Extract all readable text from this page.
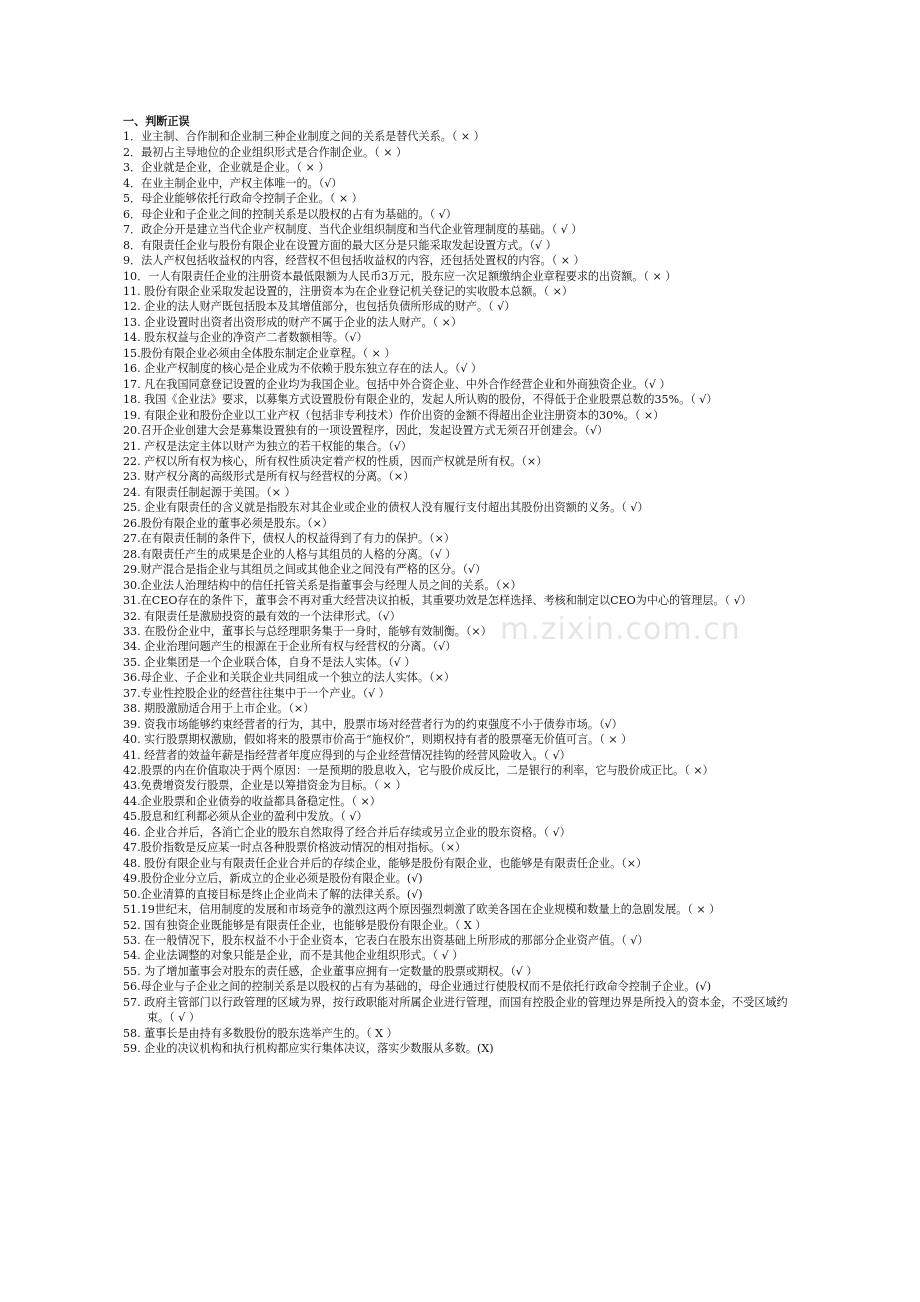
一、判断正误
1．业主制、合作制和企业制三种企业制度之间的关系是替代关系。（ × ）
2．最初占主导地位的企业组织形式是合作制企业。（ × ）
3．企业就是企业，企业就是企业。（ × ）
4．在业主制企业中，产权主体唯一的。（√）
5．母企业能够依托行政命令控制子企业。（ × ）
6．母企业和子企业之间的控制关系是以股权的占有为基础的。（ √）
7．政企分开是建立当代企业产权制度、当代企业组织制度和当代企业管理制度的基础。（ √ ）
8．有限责任企业与股份有限企业在设置方面的最大区分是只能采取发起设置方式。（√ ）
9．法人产权包括收益权的内容，经营权不但包括收益权的内容，还包括处置权的内容。（ × ）
10．一人有限责任企业的注册资本最低限额为人民币3万元，股东应一次足额缴纳企业章程要求的出资额。（ × ）
11. 股份有限企业采取发起设置的，注册资本为在企业登记机关登记的实收股本总额。（ ×）
12. 企业的法人财产既包括股本及其增值部分，也包括负债所形成的财产。（ √）
13. 企业设置时出资者出资形成的财产不属于企业的法人财产。（ ×）
14. 股东权益与企业的净资产二者数额相等。（√）
15.股份有限企业必须由全体股东制定企业章程。（ × ）
16. 企业产权制度的核心是企业成为不依赖于股东独立存在的法人。（√ ）
17. 凡在我国同意登记设置的企业均为我国企业。包括中外合资企业、中外合作经营企业和外商独资企业。（√ ）
18. 我国《企业法》要求，以募集方式设置股份有限企业的，发起人所认购的股份，不得低于企业股票总数的35%。（ √）
19. 有限企业和股份企业以工业产权（包括非专利技术）作价出资的金额不得超出企业注册资本的30%。（ ×）
20.召开企业创建大会是募集设置独有的一项设置程序，因此，发起设置方式无须召开创建会。（√）
21. 产权是法定主体以财产为独立的若干权能的集合。（√）
22. 产权以所有权为核心，所有权性质决定着产权的性质，因而产权就是所有权。（×）
23. 财产权分离的高级形式是所有权与经营权的分离。（×）
24. 有限责任制起源于美国。（× ）
25. 企业有限责任的含义就是指股东对其企业或企业的债权人没有履行支付超出其股份出资额的义务。（ √）
26.股份有限企业的董事必须是股东。（×）
27.在有限责任制的条件下，债权人的权益得到了有力的保护。（×）
28.有限责任产生的成果是企业的人格与其组员的人格的分离。（√ ）
29.财产混合是指企业与其组员之间或其他企业之间没有严格的区分。（√）
30.企业法人治理结构中的信任托管关系是指董事会与经理人员之间的关系。（×）
31.在CEO存在的条件下，董事会不再对重大经营决议拍板，其重要功效是怎样选择、考核和制定以CEO为中心的管理层。（ √）
32. 有限责任是激励投资的最有效的一个法律形式。（√）
33. 在股份企业中，董事长与总经理职务集于一身时，能够有效制衡。（×）
34. 企业治理问题产生的根源在于企业所有权与经营权的分离。（√）
35. 企业集团是一个企业联合体，自身不是法人实体。（√ ）
36.母企业、子企业和关联企业共同组成一个独立的法人实体。（×）
37.专业性控股企业的经营往往集中于一个产业。（√ ）
38. 期股激励适合用于上市企业。（×）
39. 资我市场能够约束经营者的行为，其中，股票市场对经营者行为的约束强度不小于债券市场。（√）
40. 实行股票期权激励，假如将来的股票市价高于“施权价”，则期权持有者的股票毫无价值可言。（ × ）
41. 经营者的效益年薪是指经营者年度应得到的与企业经营情况挂钩的经营风险收入。（ √）
42.股票的内在价值取决于两个原因：一是预期的股息收入，它与股价成反比，二是银行的利率，它与股价成正比。（ ×）
43.免费增资发行股票，企业是以筹措资金为目标。（ × ）
44.企业股票和企业债券的收益都具备稳定性。（ ×）
45.股息和红利都必须从企业的盈利中发放。（ √）
46. 企业合并后，各消亡企业的股东自然取得了经合并后存续或另立企业的股东资格。（ √）
47.股价指数是反应某一时点各种股票价格波动情况的相对指标。（×）
48. 股份有限企业与有限责任企业合并后的存续企业，能够是股份有限企业，也能够是有限责任企业。（×）
49.股份企业分立后，新成立的企业必须是股份有限企业。(√)
50.企业清算的直接目标是终止企业尚未了解的法律关系。(√)
51.19世纪末，信用制度的发展和市场竞争的激烈这两个原因强烈刺激了欧美各国在企业规模和数量上的急剧发展。（ × ）
52. 国有独资企业既能够是有限责任企业，也能够是股份有限企业。（ X ）
53. 在一般情况下，股东权益不小于企业资本，它表白在股东出资基础上所形成的那部分企业资产值。（ √）
54. 企业法调整的对象只能是企业，而不是其他企业组织形式。（ √ ）
55. 为了增加董事会对股东的责任感，企业董事应拥有一定数量的股票或期权。（√ ）
56.母企业与子企业之间的控制关系是以股权的占有为基础的，母企业通过行使股权而不是依托行政命令控制子企业。(√)
57. 政府主管部门以行政管理的区域为界，按行政职能对所属企业进行管理，而国有控股企业的管理边界是所投入的资本金，不受区域约束。（ √ ）
58. 董事长是由持有多数股份的股东选举产生的。（ X ）
59. 企业的决议机构和执行机构都应实行集体决议，落实少数服从多数。(X)
m.zixin.com.cn
